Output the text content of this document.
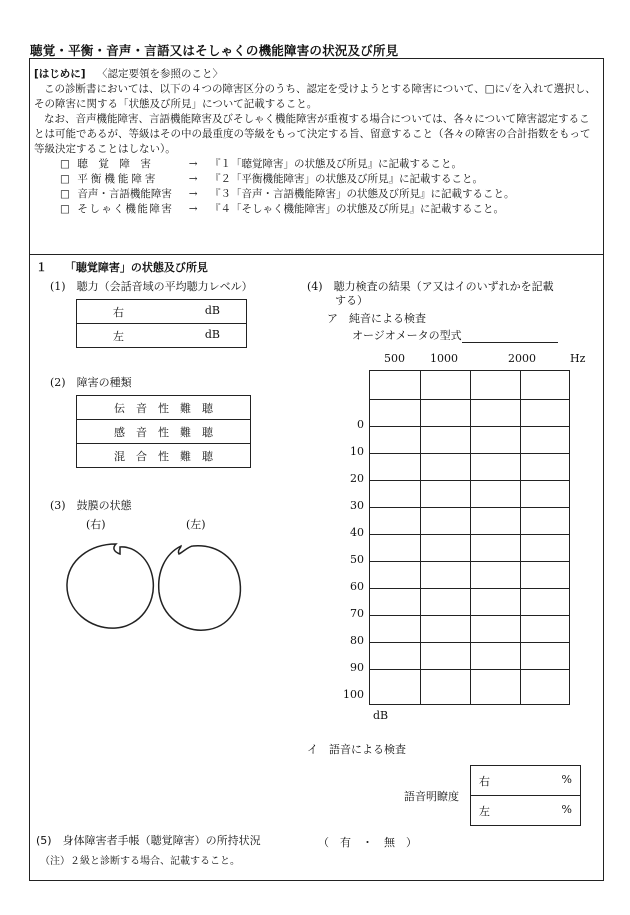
聴覚・平衡・音声・言語又はそしゃくの機能障害の状況及び所見
[はじめに] 〈認定要領を参照のこと〉

この診断書においては、以下の４つの障害区分のうち、認定を受けようとする障害について、□に✓を入れて選択し、その障害に関する「状態及び所見」について記載すること。

なお、音声機能障害、言語機能障害及びそしゃく機能障害が重複する場合については、各々について障害認定することは可能であるが、等級はその中の最重度の等級をもって決定する旨、留意すること（各々の障害の合計指数をもって等級決定することはしない）。

□ 聴　覚　障　害	→ 『１「聴覚障害」の状態及び所見』に記載すること。
□ 平衡機能障害	→ 『２「平衡機能障害」の状態及び所見』に記載すること。
□ 音声・言語機能障害 → 『３「音声・言語機能障害」の状態及び所見』に記載すること。
□ そしゃく機能障害 → 『４「そしゃく機能障害」の状態及び所見』に記載すること。
１ 「聴覚障害」の状態及び所見
(1)　聴力（会話音域の平均聴力レベル）
右	dB

左	dB
(2)　障害の種類
伝　音　性　難　聴
感　音　性　難　聴
混　合　性　難　聴
(3)　鼓膜の状態
(右)	(左)
(4)　聴力検査の結果（ア又はイのいずれかを記載
する）
ア　純音による検査
オージオメータの型式
500 1000	2000	Hz
0
10
20
30
40
50
60
70
80
90
100
dB
イ　語音による検査
語音明瞭度
右	%

左	%
(5)　身体障害者手帳（聴覚障害）の所持状況	（　有　・　無　）
（注）２級と診断する場合、記載すること。
